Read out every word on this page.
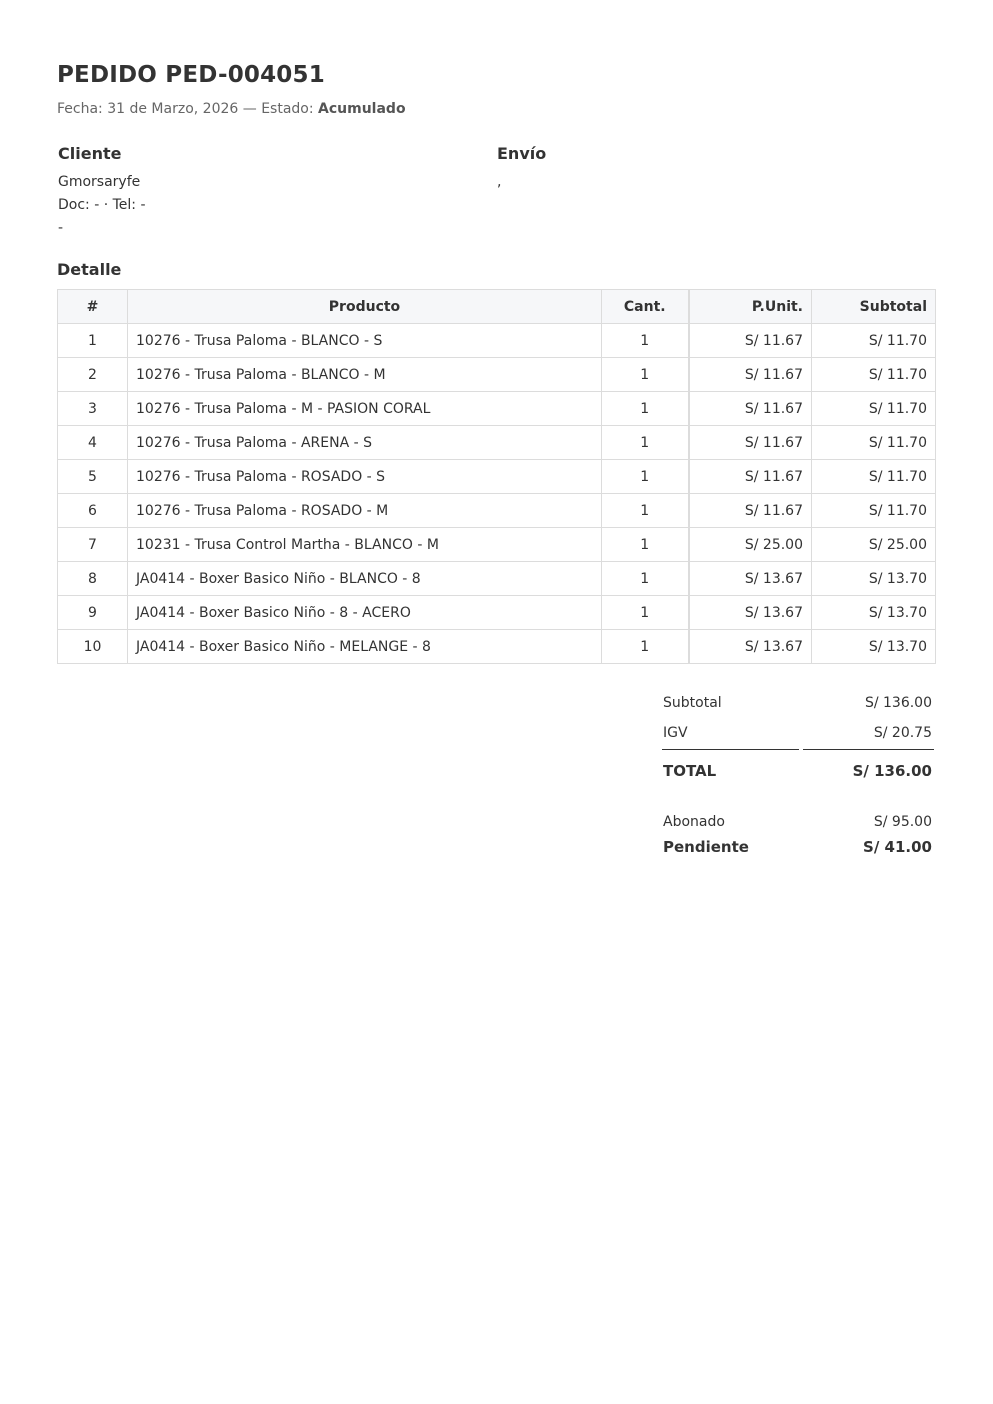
PEDIDO PED-004051
Fecha: 31 de Marzo, 2026 — Estado: Acumulado
Cliente	Envío
Gmorsaryfe
Doc: - · Tel: -
-
,
Detalle
#	Producto	Cant.	P.Unit.	Subtotal
1	10276 - Trusa Paloma - BLANCO - S	1	S/ 11.67	S/ 11.70
2	10276 - Trusa Paloma - BLANCO - M	1	S/ 11.67	S/ 11.70
3	10276 - Trusa Paloma - M - PASION CORAL	1	S/ 11.67	S/ 11.70
4	10276 - Trusa Paloma - ARENA - S	1	S/ 11.67	S/ 11.70
5	10276 - Trusa Paloma - ROSADO - S	1	S/ 11.67	S/ 11.70
6	10276 - Trusa Paloma - ROSADO - M	1	S/ 11.67	S/ 11.70
7	10231 - Trusa Control Martha - BLANCO - M	1	S/ 25.00	S/ 25.00
8	JA0414 - Boxer Basico Niño - BLANCO - 8	1	S/ 13.67	S/ 13.70
9	JA0414 - Boxer Basico Niño - 8 - ACERO	1	S/ 13.67	S/ 13.70
10	JA0414 - Boxer Basico Niño - MELANGE - 8	1	S/ 13.67	S/ 13.70
Subtotal	S/ 136.00
IGV	S/ 20.75
TOTAL	S/ 136.00
Abonado	S/ 95.00
Pendiente	S/ 41.00
